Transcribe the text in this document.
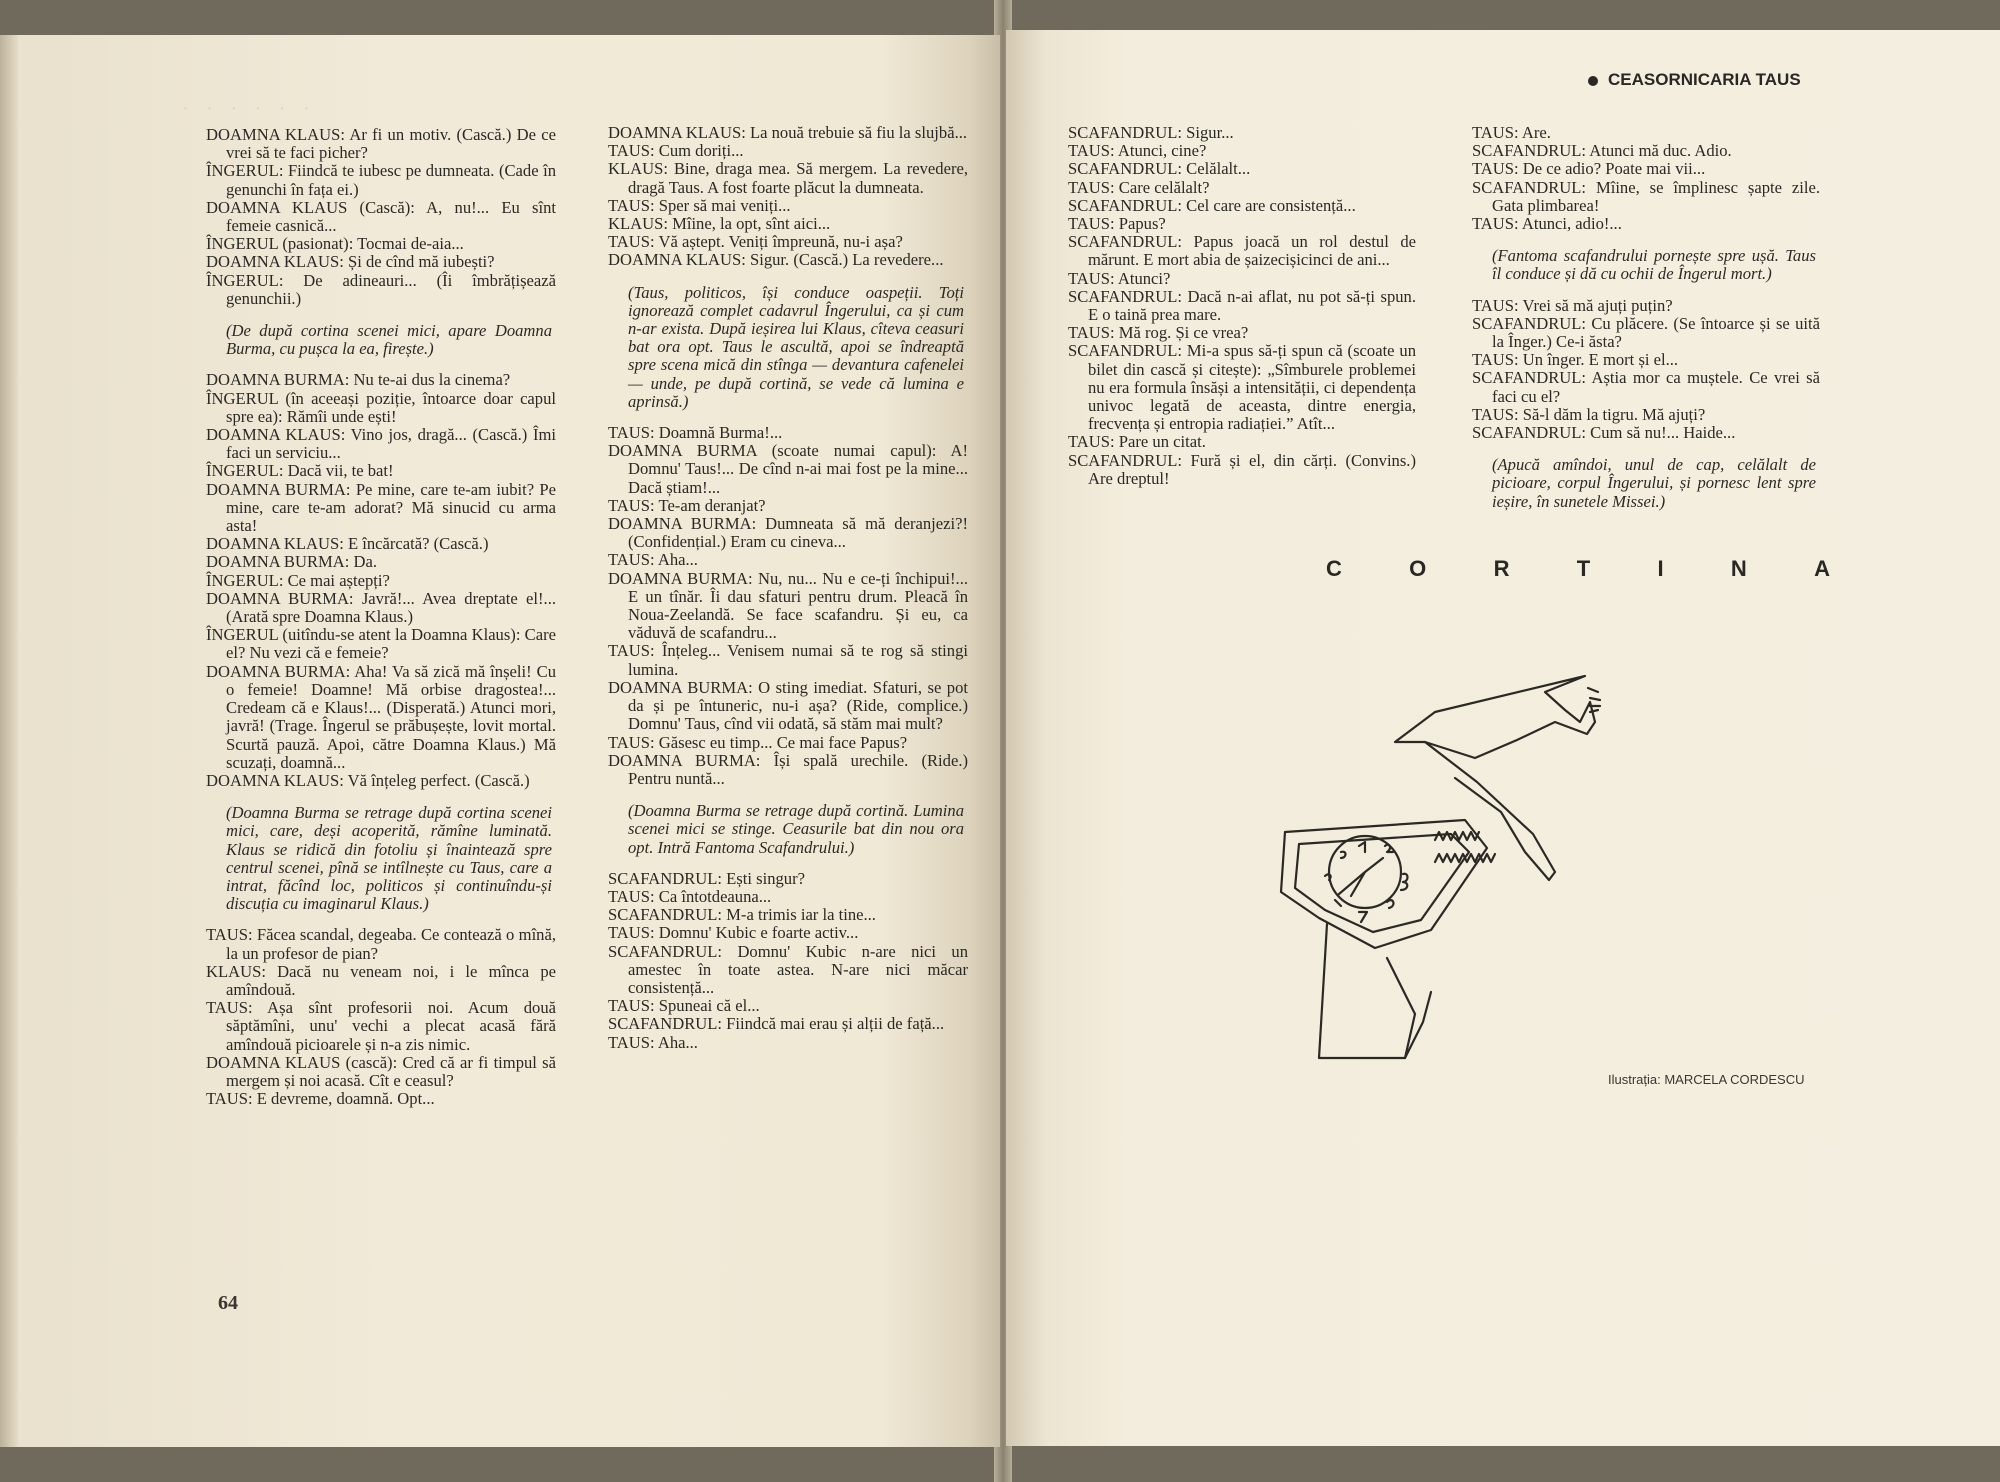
· · · · · ·

DOAMNA KLAUS: Ar fi un motiv. (Cască.) De ce vrei să te faci picher?

ÎNGERUL: Fiindcă te iubesc pe dumneata. (Cade în genunchi în fața ei.)

DOAMNA KLAUS (Cască): A, nu!... Eu sînt femeie casnică...

ÎNGERUL (pasionat): Tocmai de-aia...

DOAMNA KLAUS: Și de cînd mă iubești?

ÎNGERUL: De adineauri... (Îi îmbrățișează genunchii.)

(De după cortina scenei mici, apare Doamna Burma, cu pușca la ea, firește.)

DOAMNA BURMA: Nu te-ai dus la cinema?

ÎNGERUL (în aceeași poziție, întoarce doar capul spre ea): Rămîi unde ești!

DOAMNA KLAUS: Vino jos, dragă... (Cască.) Îmi faci un serviciu...

ÎNGERUL: Dacă vii, te bat!

DOAMNA BURMA: Pe mine, care te-am iubit? Pe mine, care te-am adorat? Mă sinucid cu arma asta!

DOAMNA KLAUS: E încărcată? (Cască.)

DOAMNA BURMA: Da.

ÎNGERUL: Ce mai aștepți?

DOAMNA BURMA: Javră!... Avea dreptate el!... (Arată spre Doamna Klaus.)

ÎNGERUL (uitîndu-se atent la Doamna Klaus): Care el? Nu vezi că e femeie?

DOAMNA BURMA: Aha! Va să zică mă înșeli! Cu o femeie! Doamne! Mă orbise dragostea!... Credeam că e Klaus!... (Disperată.) Atunci mori, javră! (Trage. Îngerul se prăbușește, lovit mortal. Scurtă pauză. Apoi, către Doamna Klaus.) Mă scuzați, doamnă...

DOAMNA KLAUS: Vă înțeleg perfect. (Cască.)

(Doamna Burma se retrage după cortina scenei mici, care, deși acoperită, rămîne luminată. Klaus se ridică din fotoliu și înaintează spre centrul scenei, pînă se intîlnește cu Taus, care a intrat, făcînd loc, politicos și continuîndu-și discuția cu imaginarul Klaus.)

TAUS: Făcea scandal, degeaba. Ce contează o mînă, la un profesor de pian?

KLAUS: Dacă nu veneam noi, i le mînca pe amîndouă.

TAUS: Așa sînt profesorii noi. Acum două săptămîni, unu' vechi a plecat acasă fără amîndouă picioarele și n-a zis nimic.

DOAMNA KLAUS (cască): Cred că ar fi timpul să mergem și noi acasă. Cît e ceasul?

TAUS: E devreme, doamnă. Opt...

DOAMNA KLAUS: La nouă trebuie să fiu la slujbă...

TAUS: Cum doriți...

KLAUS: Bine, draga mea. Să mergem. La revedere, dragă Taus. A fost foarte plăcut la dumneata.

TAUS: Sper să mai veniți...

KLAUS: Mîine, la opt, sînt aici...

TAUS: Vă aștept. Veniți împreună, nu-i așa?

DOAMNA KLAUS: Sigur. (Cască.) La revedere...

(Taus, politicos, își conduce oaspeții. Toți ignorează complet cadavrul Îngerului, ca și cum n-ar exista. După ieșirea lui Klaus, cîteva ceasuri bat ora opt. Taus le ascultă, apoi se îndreaptă spre scena mică din stînga — devantura cafenelei — unde, pe după cortină, se vede că lumina e aprinsă.)

TAUS: Doamnă Burma!...

DOAMNA BURMA (scoate numai capul): A! Domnu' Taus!... De cînd n-ai mai fost pe la mine... Dacă știam!...

TAUS: Te-am deranjat?

DOAMNA BURMA: Dumneata să mă deranjezi?! (Confidențial.) Eram cu cineva...

TAUS: Aha...

DOAMNA BURMA: Nu, nu... Nu e ce-ți închipui!... E un tînăr. Îi dau sfaturi pentru drum. Pleacă în Noua-Zeelandă. Se face scafandru. Și eu, ca văduvă de scafandru...

TAUS: Înțeleg... Venisem numai să te rog să stingi lumina.

DOAMNA BURMA: O sting imediat. Sfaturi, se pot da și pe întuneric, nu-i așa? (Ride, complice.) Domnu' Taus, cînd vii odată, să stăm mai mult?

TAUS: Găsesc eu timp... Ce mai face Papus?

DOAMNA BURMA: Își spală urechile. (Ride.) Pentru nuntă...

(Doamna Burma se retrage după cortină. Lumina scenei mici se stinge. Ceasurile bat din nou ora opt. Intră Fantoma Scafandrului.)

SCAFANDRUL: Ești singur?

TAUS: Ca întotdeauna...

SCAFANDRUL: M-a trimis iar la tine...

TAUS: Domnu' Kubic e foarte activ...

SCAFANDRUL: Domnu' Kubic n-are nici un amestec în toate astea. N-are nici măcar consistență...

TAUS: Spuneai că el...

SCAFANDRUL: Fiindcă mai erau și alții de față...

TAUS: Aha...

64
CEASORNICARIA TAUS

SCAFANDRUL: Sigur...

TAUS: Atunci, cine?

SCAFANDRUL: Celălalt...

TAUS: Care celălalt?

SCAFANDRUL: Cel care are consistență...

TAUS: Papus?

SCAFANDRUL: Papus joacă un rol destul de mărunt. E mort abia de șaizecișicinci de ani...

TAUS: Atunci?

SCAFANDRUL: Dacă n-ai aflat, nu pot să-ți spun. E o taină prea mare.

TAUS: Mă rog. Și ce vrea?

SCAFANDRUL: Mi-a spus să-ți spun că (scoate un bilet din cască și citește): „Sîmburele problemei nu era formula însăși a intensității, ci dependența univoc legată de aceasta, dintre energia, frecvența și entropia radiației.” Atît...

TAUS: Pare un citat.

SCAFANDRUL: Fură și el, din cărți. (Convins.) Are dreptul!

TAUS: Are.

SCAFANDRUL: Atunci mă duc. Adio.

TAUS: De ce adio? Poate mai vii...

SCAFANDRUL: Mîine, se împlinesc șapte zile. Gata plimbarea!

TAUS: Atunci, adio!...

(Fantoma scafandrului pornește spre ușă. Taus îl conduce și dă cu ochii de Îngerul mort.)

TAUS: Vrei să mă ajuți puțin?

SCAFANDRUL: Cu plăcere. (Se întoarce și se uită la Înger.) Ce-i ăsta?

TAUS: Un înger. E mort și el...

SCAFANDRUL: Aștia mor ca muștele. Ce vrei să faci cu el?

TAUS: Să-l dăm la tigru. Mă ajuți?

SCAFANDRUL: Cum să nu!... Haide...

(Apucă amîndoi, unul de cap, celălalt de picioare, corpul Îngerului, și pornesc lent spre ieșire, în sunetele Missei.)

C	O	R	T	I	N	A
Ilustrația: MARCELA CORDESCU
